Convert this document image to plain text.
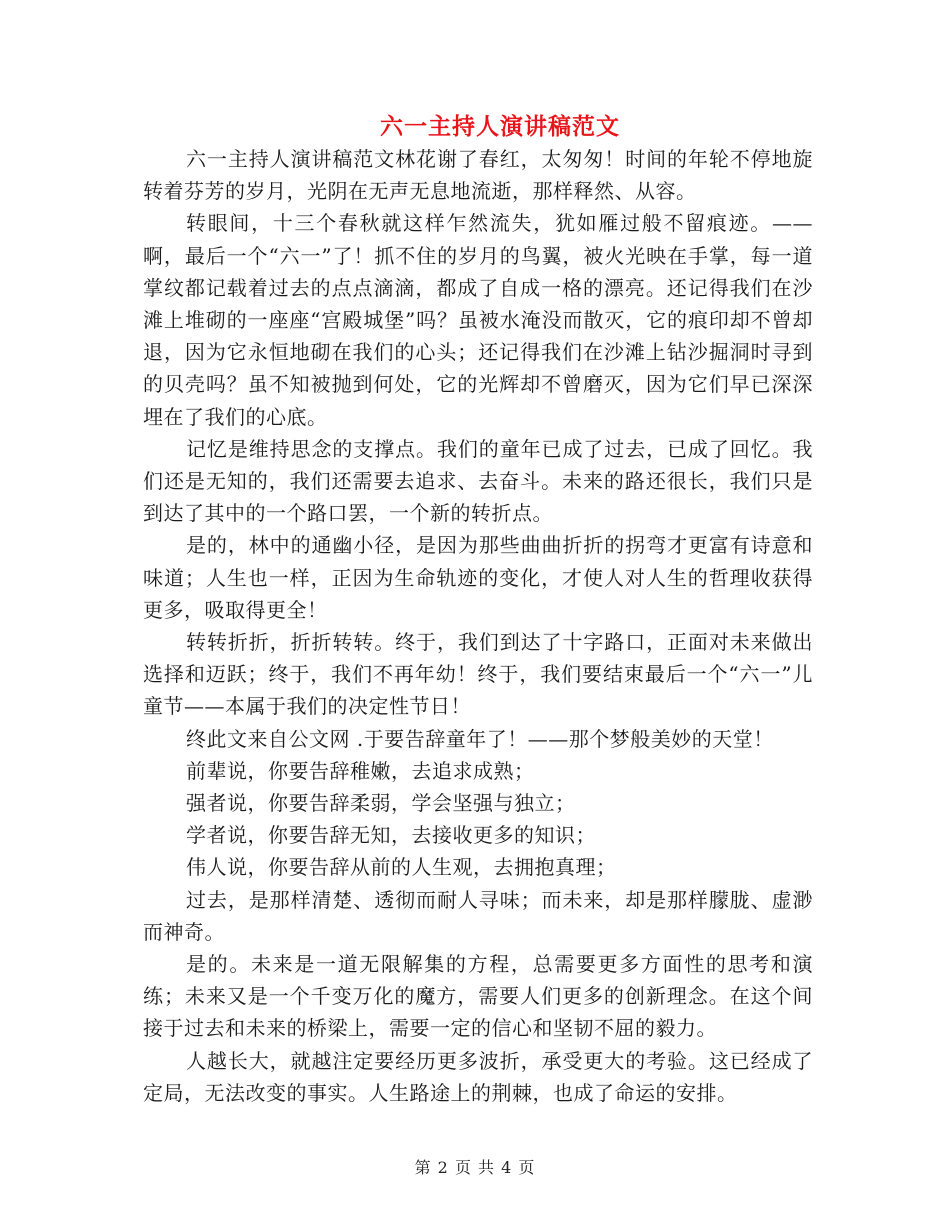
六一主持人演讲稿范文

六一主持人演讲稿范文林花谢了春红，太匆匆！时间的年轮不停地旋转着芬芳的岁月，光阴在无声无息地流逝，那样释然、从容。

转眼间，十三个春秋就这样乍然流失，犹如雁过般不留痕迹。——啊，最后一个“六一”了！抓不住的岁月的鸟翼，被火光映在手掌，每一道掌纹都记载着过去的点点滴滴，都成了自成一格的漂亮。还记得我们在沙滩上堆砌的一座座“宫殿城堡”吗？虽被水淹没而散灭，它的痕印却不曾却退，因为它永恒地砌在我们的心头；还记得我们在沙滩上钻沙掘洞时寻到的贝壳吗？虽不知被抛到何处，它的光辉却不曾磨灭，因为它们早已深深埋在了我们的心底。

记忆是维持思念的支撑点。我们的童年已成了过去，已成了回忆。我们还是无知的，我们还需要去追求、去奋斗。未来的路还很长，我们只是到达了其中的一个路口罢，一个新的转折点。

是的，林中的通幽小径，是因为那些曲曲折折的拐弯才更富有诗意和味道；人生也一样，正因为生命轨迹的变化，才使人对人生的哲理收获得更多，吸取得更全！

转转折折，折折转转。终于，我们到达了十字路口，正面对未来做出选择和迈跃；终于，我们不再年幼！终于，我们要结束最后一个“六一”儿童节——本属于我们的决定性节日！

终此文来自公文网 .于要告辞童年了！——那个梦般美妙的天堂！

前辈说，你要告辞稚嫩，去追求成熟；

强者说，你要告辞柔弱，学会坚强与独立；

学者说，你要告辞无知，去接收更多的知识；

伟人说，你要告辞从前的人生观，去拥抱真理；

过去，是那样清楚、透彻而耐人寻味；而未来，却是那样朦胧、虚渺而神奇。

是的。未来是一道无限解集的方程，总需要更多方面性的思考和演练；未来又是一个千变万化的魔方，需要人们更多的创新理念。在这个间接于过去和未来的桥梁上，需要一定的信心和坚韧不屈的毅力。

人越长大，就越注定要经历更多波折，承受更大的考验。这已经成了定局，无法改变的事实。人生路途上的荆棘，也成了命运的安排。

第 2 页 共 4 页
